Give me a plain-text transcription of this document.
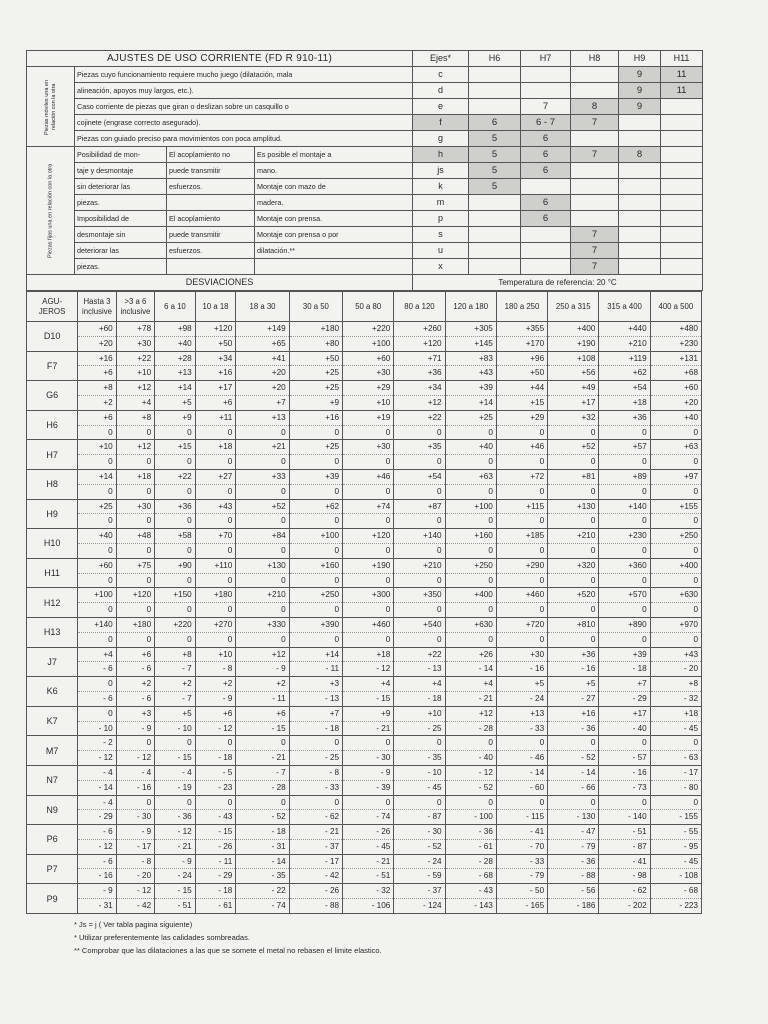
AJUSTES DE USO CORRIENTE (FD R 910-11)				Ejes*	H6	H7	H8	H9	H11
Piezas móviles una en relación con la otra	Piezas cuyo funcionamiento requiere mucho juego (dilatación, mala			c				9	11
	alineación, apoyos muy largos, etc.).			d				9	11
	Caso corriente de piezas que giran o deslizan sobre un casquillo o			e		7	8	9	
	cojinete (engrase correcto asegurado).			f	6	6 - 7	7		
	Piezas con guiado preciso para movimientos con poca amplitud.			g	5	6			
Piezas fijas una en relación con la otra	Posibilidad de mon-	El acoplamiento no	Es posible el montaje a	h	5	6	7	8	
	taje y desmontaje	puede transmitir	mano.	js	5	6			
	sin deteriorar las	esfuerzos.	Montaje con mazo de	k	5				
	piezas.		madera.	m		6			
	Imposibilidad de	El acoplamiento	Montaje con prensa.	p		6			
	desmontaje sin	puede transmitir	Montaje con prensa o por	s			7		
	deteriorar las	esfuerzos.	dilatación.**	u			7		
	piezas.			x			7		
DESVIACIONES				Temperatura de referencia: 20 °C					
AGU-
JEROS	Hasta 3 inclusive	>3 a 6 inclusive	6 a 10	10 a 18	18 a 30	30 a 50	50 a 80	80 a 120	120 a 180	180 a 250	250 a 315	315 a 400	400 a 500
D10	+60	+78	+98	+120	+149	+180	+220	+260	+305	+355	+400	+440	+480
	+20	+30	+40	+50	+65	+80	+100	+120	+145	+170	+190	+210	+230
F7	+16	+22	+28	+34	+41	+50	+60	+71	+83	+96	+108	+119	+131
	+6	+10	+13	+16	+20	+25	+30	+36	+43	+50	+56	+62	+68
G6	+8	+12	+14	+17	+20	+25	+29	+34	+39	+44	+49	+54	+60
	+2	+4	+5	+6	+7	+9	+10	+12	+14	+15	+17	+18	+20
H6	+6	+8	+9	+11	+13	+16	+19	+22	+25	+29	+32	+36	+40
	0	0	0	0	0	0	0	0	0	0	0	0	0
H7	+10	+12	+15	+18	+21	+25	+30	+35	+40	+46	+52	+57	+63
	0	0	0	0	0	0	0	0	0	0	0	0	0
H8	+14	+18	+22	+27	+33	+39	+46	+54	+63	+72	+81	+89	+97
	0	0	0	0	0	0	0	0	0	0	0	0	0
H9	+25	+30	+36	+43	+52	+62	+74	+87	+100	+115	+130	+140	+155
	0	0	0	0	0	0	0	0	0	0	0	0	0
H10	+40	+48	+58	+70	+84	+100	+120	+140	+160	+185	+210	+230	+250
	0	0	0	0	0	0	0	0	0	0	0	0	0
H11	+60	+75	+90	+110	+130	+160	+190	+210	+250	+290	+320	+360	+400
	0	0	0	0	0	0	0	0	0	0	0	0	0
H12	+100	+120	+150	+180	+210	+250	+300	+350	+400	+460	+520	+570	+630
	0	0	0	0	0	0	0	0	0	0	0	0	0
H13	+140	+180	+220	+270	+330	+390	+460	+540	+630	+720	+810	+890	+970
	0	0	0	0	0	0	0	0	0	0	0	0	0
J7	+4	+6	+8	+10	+12	+14	+18	+22	+26	+30	+36	+39	+43
	- 6	- 6	- 7	- 8	- 9	- 11	- 12	- 13	- 14	- 16	- 16	- 18	- 20
K6	0	+2	+2	+2	+2	+3	+4	+4	+4	+5	+5	+7	+8
	- 6	- 6	- 7	- 9	- 11	- 13	- 15	- 18	- 21	- 24	- 27	- 29	- 32
K7	0	+3	+5	+6	+6	+7	+9	+10	+12	+13	+16	+17	+18
	- 10	- 9	- 10	- 12	- 15	- 18	- 21	- 25	- 28	- 33	- 36	- 40	- 45
M7	- 2	0	0	0	0	0	0	0	0	0	0	0	0
	- 12	- 12	- 15	- 18	- 21	- 25	- 30	- 35	- 40	- 46	- 52	- 57	- 63
N7	- 4	- 4	- 4	- 5	- 7	- 8	- 9	- 10	- 12	- 14	- 14	- 16	- 17
	- 14	- 16	- 19	- 23	- 28	- 33	- 39	- 45	- 52	- 60	- 66	- 73	- 80
N9	- 4	0	0	0	0	0	0	0	0	0	0	0	0
	- 29	- 30	- 36	- 43	- 52	- 62	- 74	- 87	- 100	- 115	- 130	- 140	- 155
P6	- 6	- 9	- 12	- 15	- 18	- 21	- 26	- 30	- 36	- 41	- 47	- 51	- 55
	- 12	- 17	- 21	- 26	- 31	- 37	- 45	- 52	- 61	- 70	- 79	- 87	- 95
P7	- 6	- 8	- 9	- 11	- 14	- 17	- 21	- 24	- 28	- 33	- 36	- 41	- 45
	- 16	- 20	- 24	- 29	- 35	- 42	- 51	- 59	- 68	- 79	- 88	- 98	- 108
P9	- 9	- 12	- 15	- 18	- 22	- 26	- 32	- 37	- 43	- 50	- 56	- 62	- 68
	- 31	- 42	- 51	- 61	- 74	- 88	- 106	- 124	- 143	- 165	- 186	- 202	- 223
* Js = j ( Ver tabla pagina siguiente)
* Utilizar preferentemente las calidades sombreadas.
** Comprobar que las dilataciones a las que se somete el metal no rebasen el limite elastico.
